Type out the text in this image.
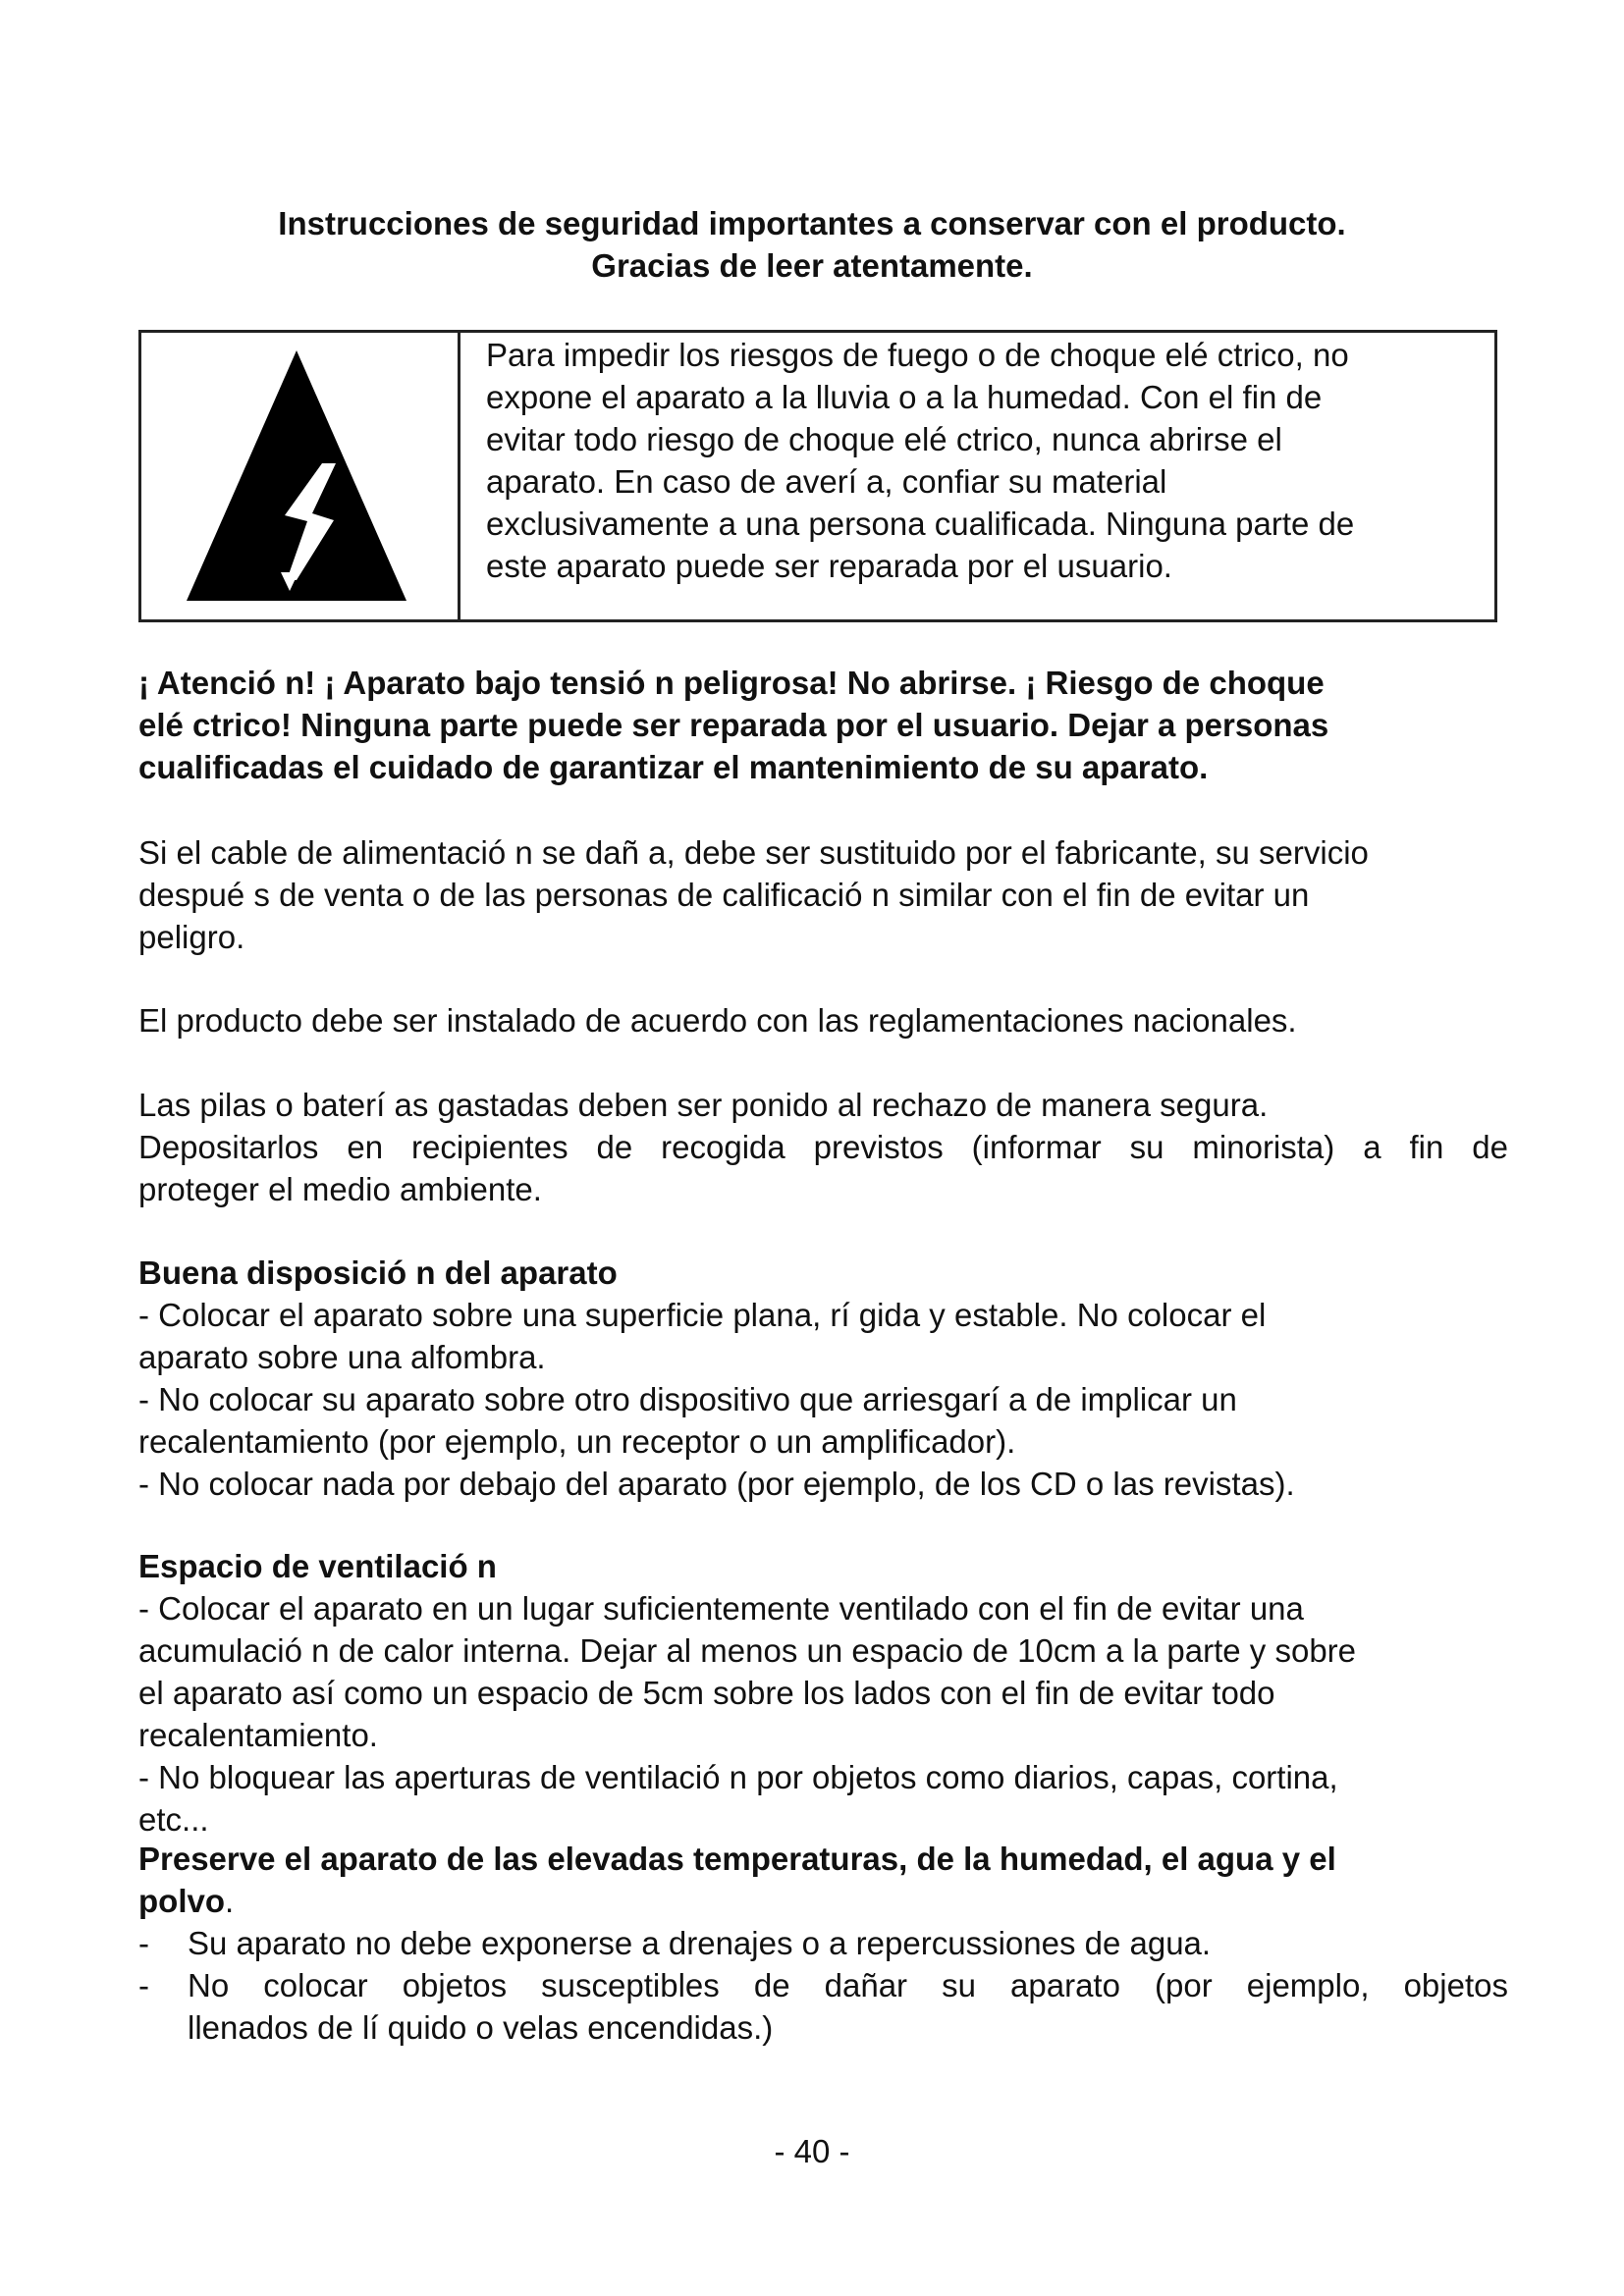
Instrucciones de seguridad importantes a conservar con el producto.
Gracias de leer atentamente.
Para impedir los riesgos de fuego o de choque elé ctrico, no
expone el aparato a la lluvia o a la humedad. Con el fin de
evitar todo riesgo de choque elé ctrico, nunca abrirse el
aparato. En caso de averí a, confiar su material
exclusivamente a una persona cualificada. Ninguna parte de
este aparato puede ser reparada por el usuario.
¡ Atenció n! ¡ Aparato bajo tensió n peligrosa! No abrirse. ¡ Riesgo de choque
elé ctrico! Ninguna parte puede ser reparada por el usuario. Dejar a personas
cualificadas el cuidado de garantizar el mantenimiento de su aparato.
Si el cable de alimentació n se dañ a, debe ser sustituido por el fabricante, su servicio
despué s de venta o de las personas de calificació n similar con el fin de evitar un
peligro.
El producto debe ser instalado de acuerdo con las reglamentaciones nacionales.
Las pilas o baterí as gastadas deben ser ponido al rechazo de manera segura.
Depositarlos en recipientes de recogida previstos (informar su minorista) a fin de
proteger el medio ambiente.
Buena disposició n del aparato
- Colocar el aparato sobre una superficie plana, rí gida y estable. No colocar el
aparato sobre una alfombra.
- No colocar su aparato sobre otro dispositivo que arriesgarí a de implicar un
recalentamiento (por ejemplo, un receptor o un amplificador).
- No colocar nada por debajo del aparato (por ejemplo, de los CD o las revistas).
Espacio de ventilació n
- Colocar el aparato en un lugar suficientemente ventilado con el fin de evitar una
acumulació n de calor interna. Dejar al menos un espacio de 10cm a la parte y sobre
el aparato así como un espacio de 5cm sobre los lados con el fin de evitar todo
recalentamiento.
- No bloquear las aperturas de ventilació n por objetos como diarios, capas, cortina,
etc...
Preserve el aparato de las elevadas temperaturas, de la humedad, el agua y el
polvo.
-	Su aparato no debe exponerse a drenajes o a repercussiones de agua.
-	No colocar objetos susceptibles de dañar su aparato (por ejemplo, objetos
llenados de lí quido o velas encendidas.)
- 40 -
